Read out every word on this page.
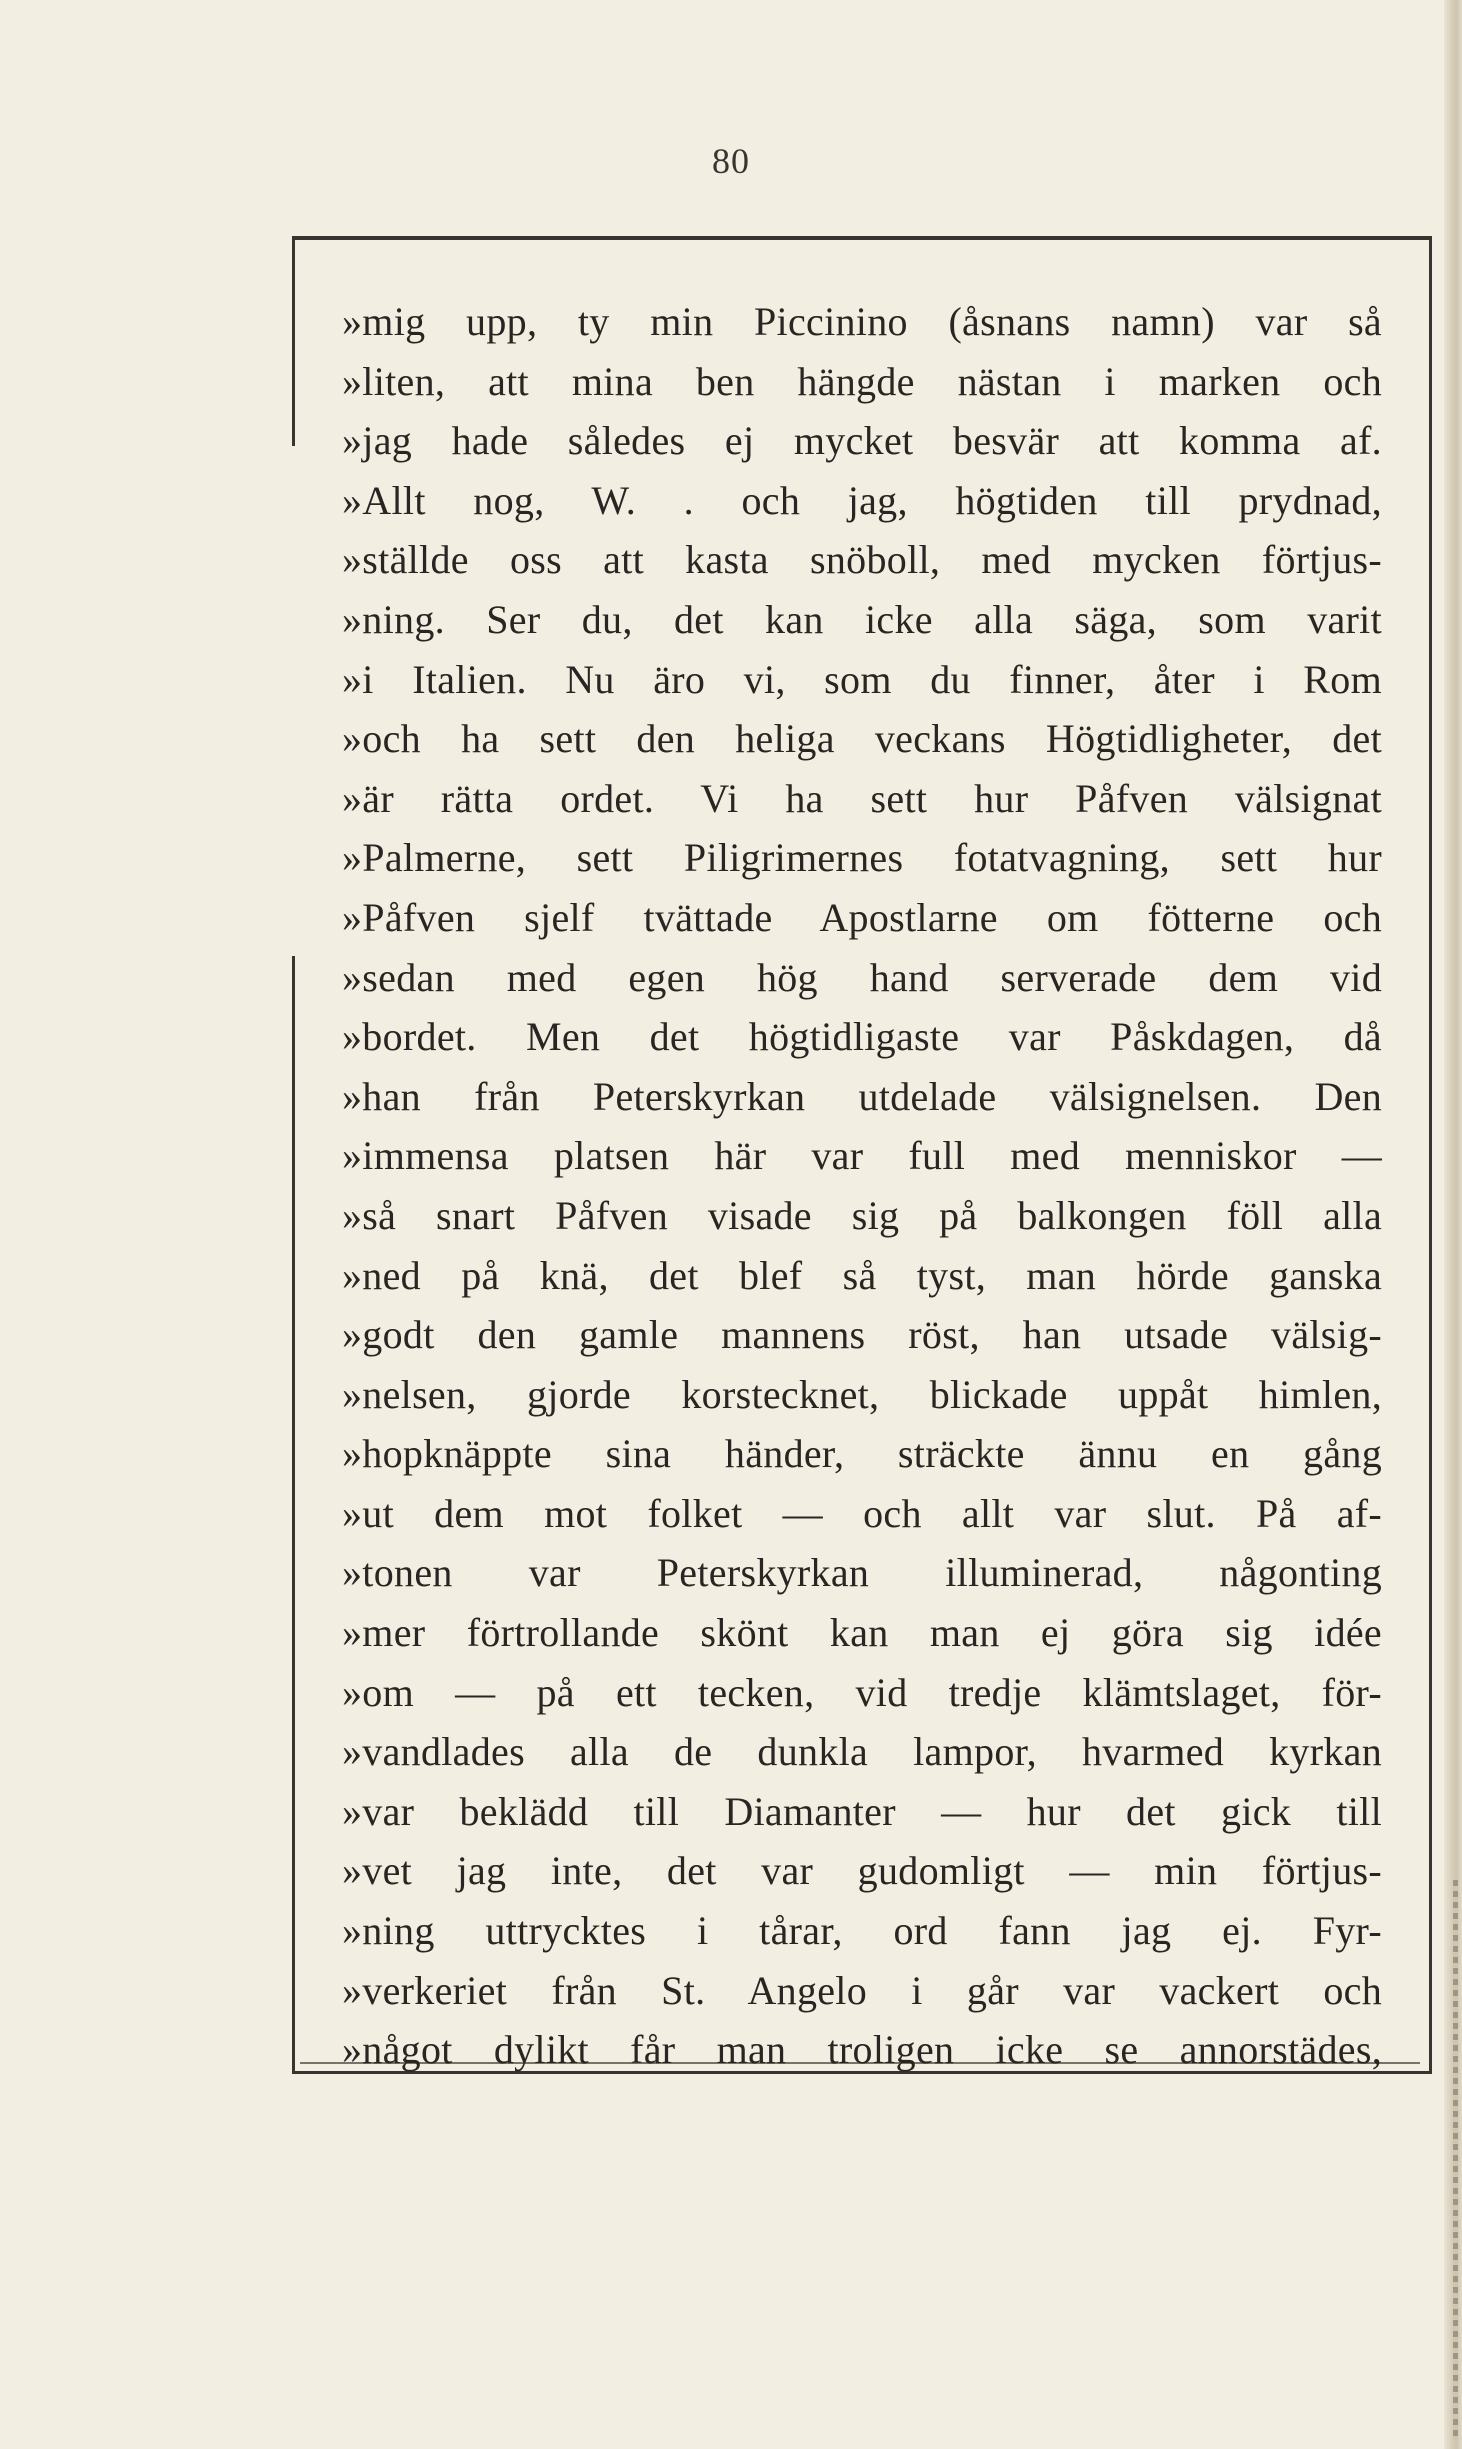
80
»mig upp, ty min Piccinino (åsnans namn) var så
»liten, att mina ben hängde nästan i marken och
»jag hade således ej mycket besvär att komma af.
»Allt nog, W. . och jag, högtiden till prydnad,
»ställde oss att kasta snöboll, med mycken förtjus-
»ning. Ser du, det kan icke alla säga, som varit
»i Italien. Nu äro vi, som du finner, åter i Rom
»och ha sett den heliga veckans Högtidligheter, det
»är rätta ordet. Vi ha sett hur Påfven välsignat
»Palmerne, sett Piligrimernes fotatvagning, sett hur
»Påfven sjelf tvättade Apostlarne om fötterne och
»sedan med egen hög hand serverade dem vid
»bordet. Men det högtidligaste var Påskdagen, då
»han från Peterskyrkan utdelade välsignelsen. Den
»immensa platsen här var full med menniskor —
»så snart Påfven visade sig på balkongen föll alla
»ned på knä, det blef så tyst, man hörde ganska
»godt den gamle mannens röst, han utsade välsig-
»nelsen, gjorde korstecknet, blickade uppåt himlen,
»hopknäppte sina händer, sträckte ännu en gång
»ut dem mot folket — och allt var slut. På af-
»tonen var Peterskyrkan illuminerad, någonting
»mer förtrollande skönt kan man ej göra sig idée
»om — på ett tecken, vid tredje klämtslaget, för-
»vandlades alla de dunkla lampor, hvarmed kyrkan
»var beklädd till Diamanter — hur det gick till
»vet jag inte, det var gudomligt — min förtjus-
»ning uttrycktes i tårar, ord fann jag ej. Fyr-
»verkeriet från St. Angelo i går var vackert och
»något dylikt får man troligen icke se annorstädes,
